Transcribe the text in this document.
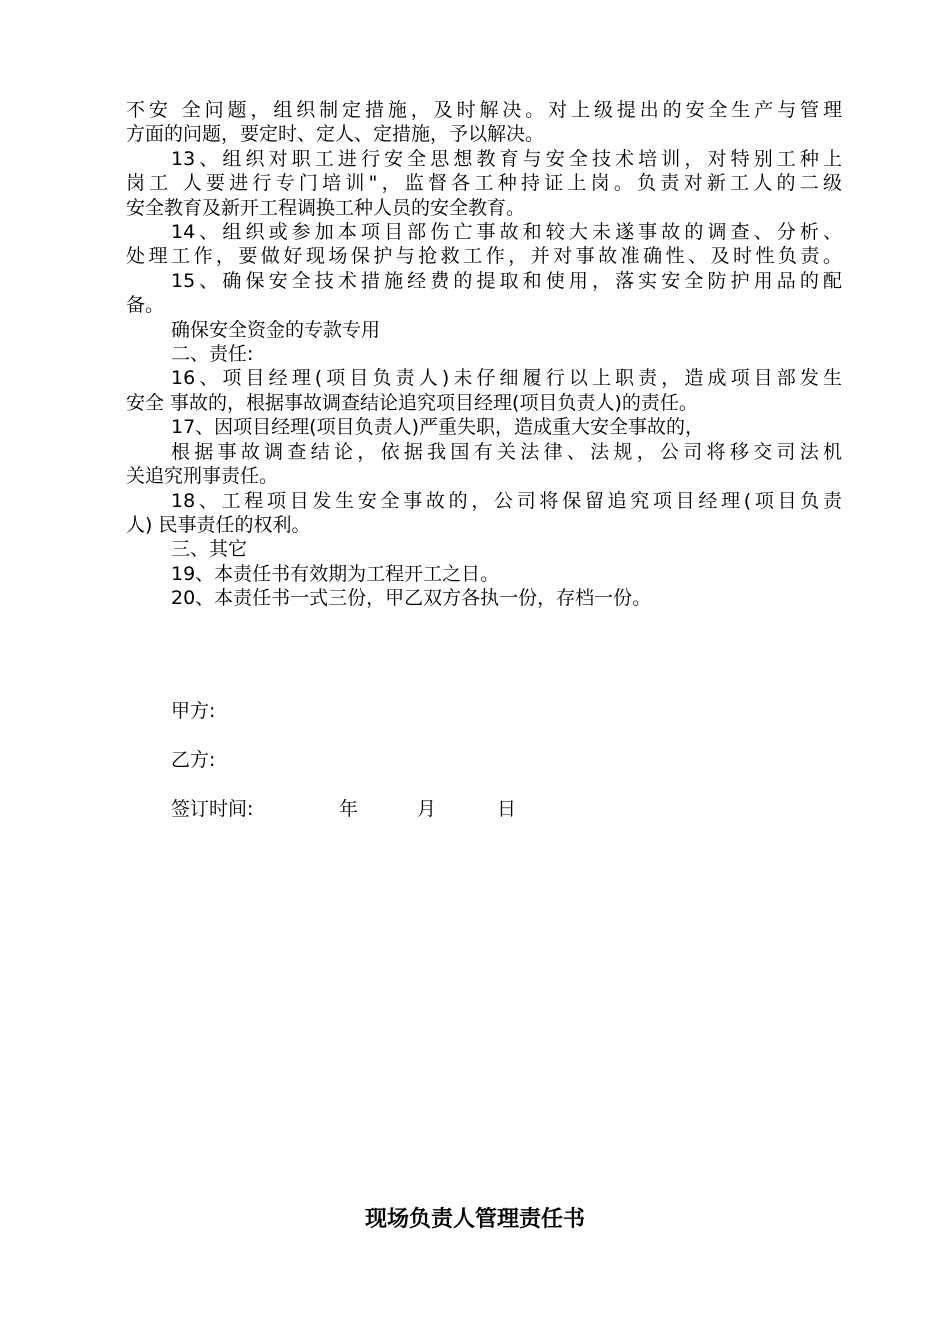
不安 全问题，组织制定措施，及时解决。对上级提出的安全生产与管理
方面的问题，要定时、定人、定措施，予以解决。
13、组织对职工进行安全思想教育与安全技术培训，对特别工种上
岗工 人要进行专门培训"，监督各工种持证上岗。负责对新工人的二级
安全教育及新开工程调换工种人员的安全教育。
14、组织或参加本项目部伤亡事故和较大未遂事故的调查、分析、
处理工作，要做好现场保护与抢救工作，并对事故准确性、及时性负责。
15、确保安全技术措施经费的提取和使用，落实安全防护用品的配
备。
确保安全资金的专款专用
二、责任:
16、项目经理(项目负责人)未仔细履行以上职责，造成项目部发生
安全 事故的，根据事故调查结论追究项目经理(项目负责人)的责任。
17、因项目经理(项目负责人)严重失职，造成重大安全事故的，
根据事故调查结论，依据我国有关法律、法规，公司将移交司法机
关追究刑事责任。
18、工程项目发生安全事故的，公司将保留追究项目经理(项目负责
人) 民事责任的权利。
三、其它
19、本责任书有效期为工程开工之日。
20、本责任书一式三份，甲乙双方各执一份，存档一份。
甲方:
乙方:
签订时间:	年	月	日
现场负责人管理责任书
